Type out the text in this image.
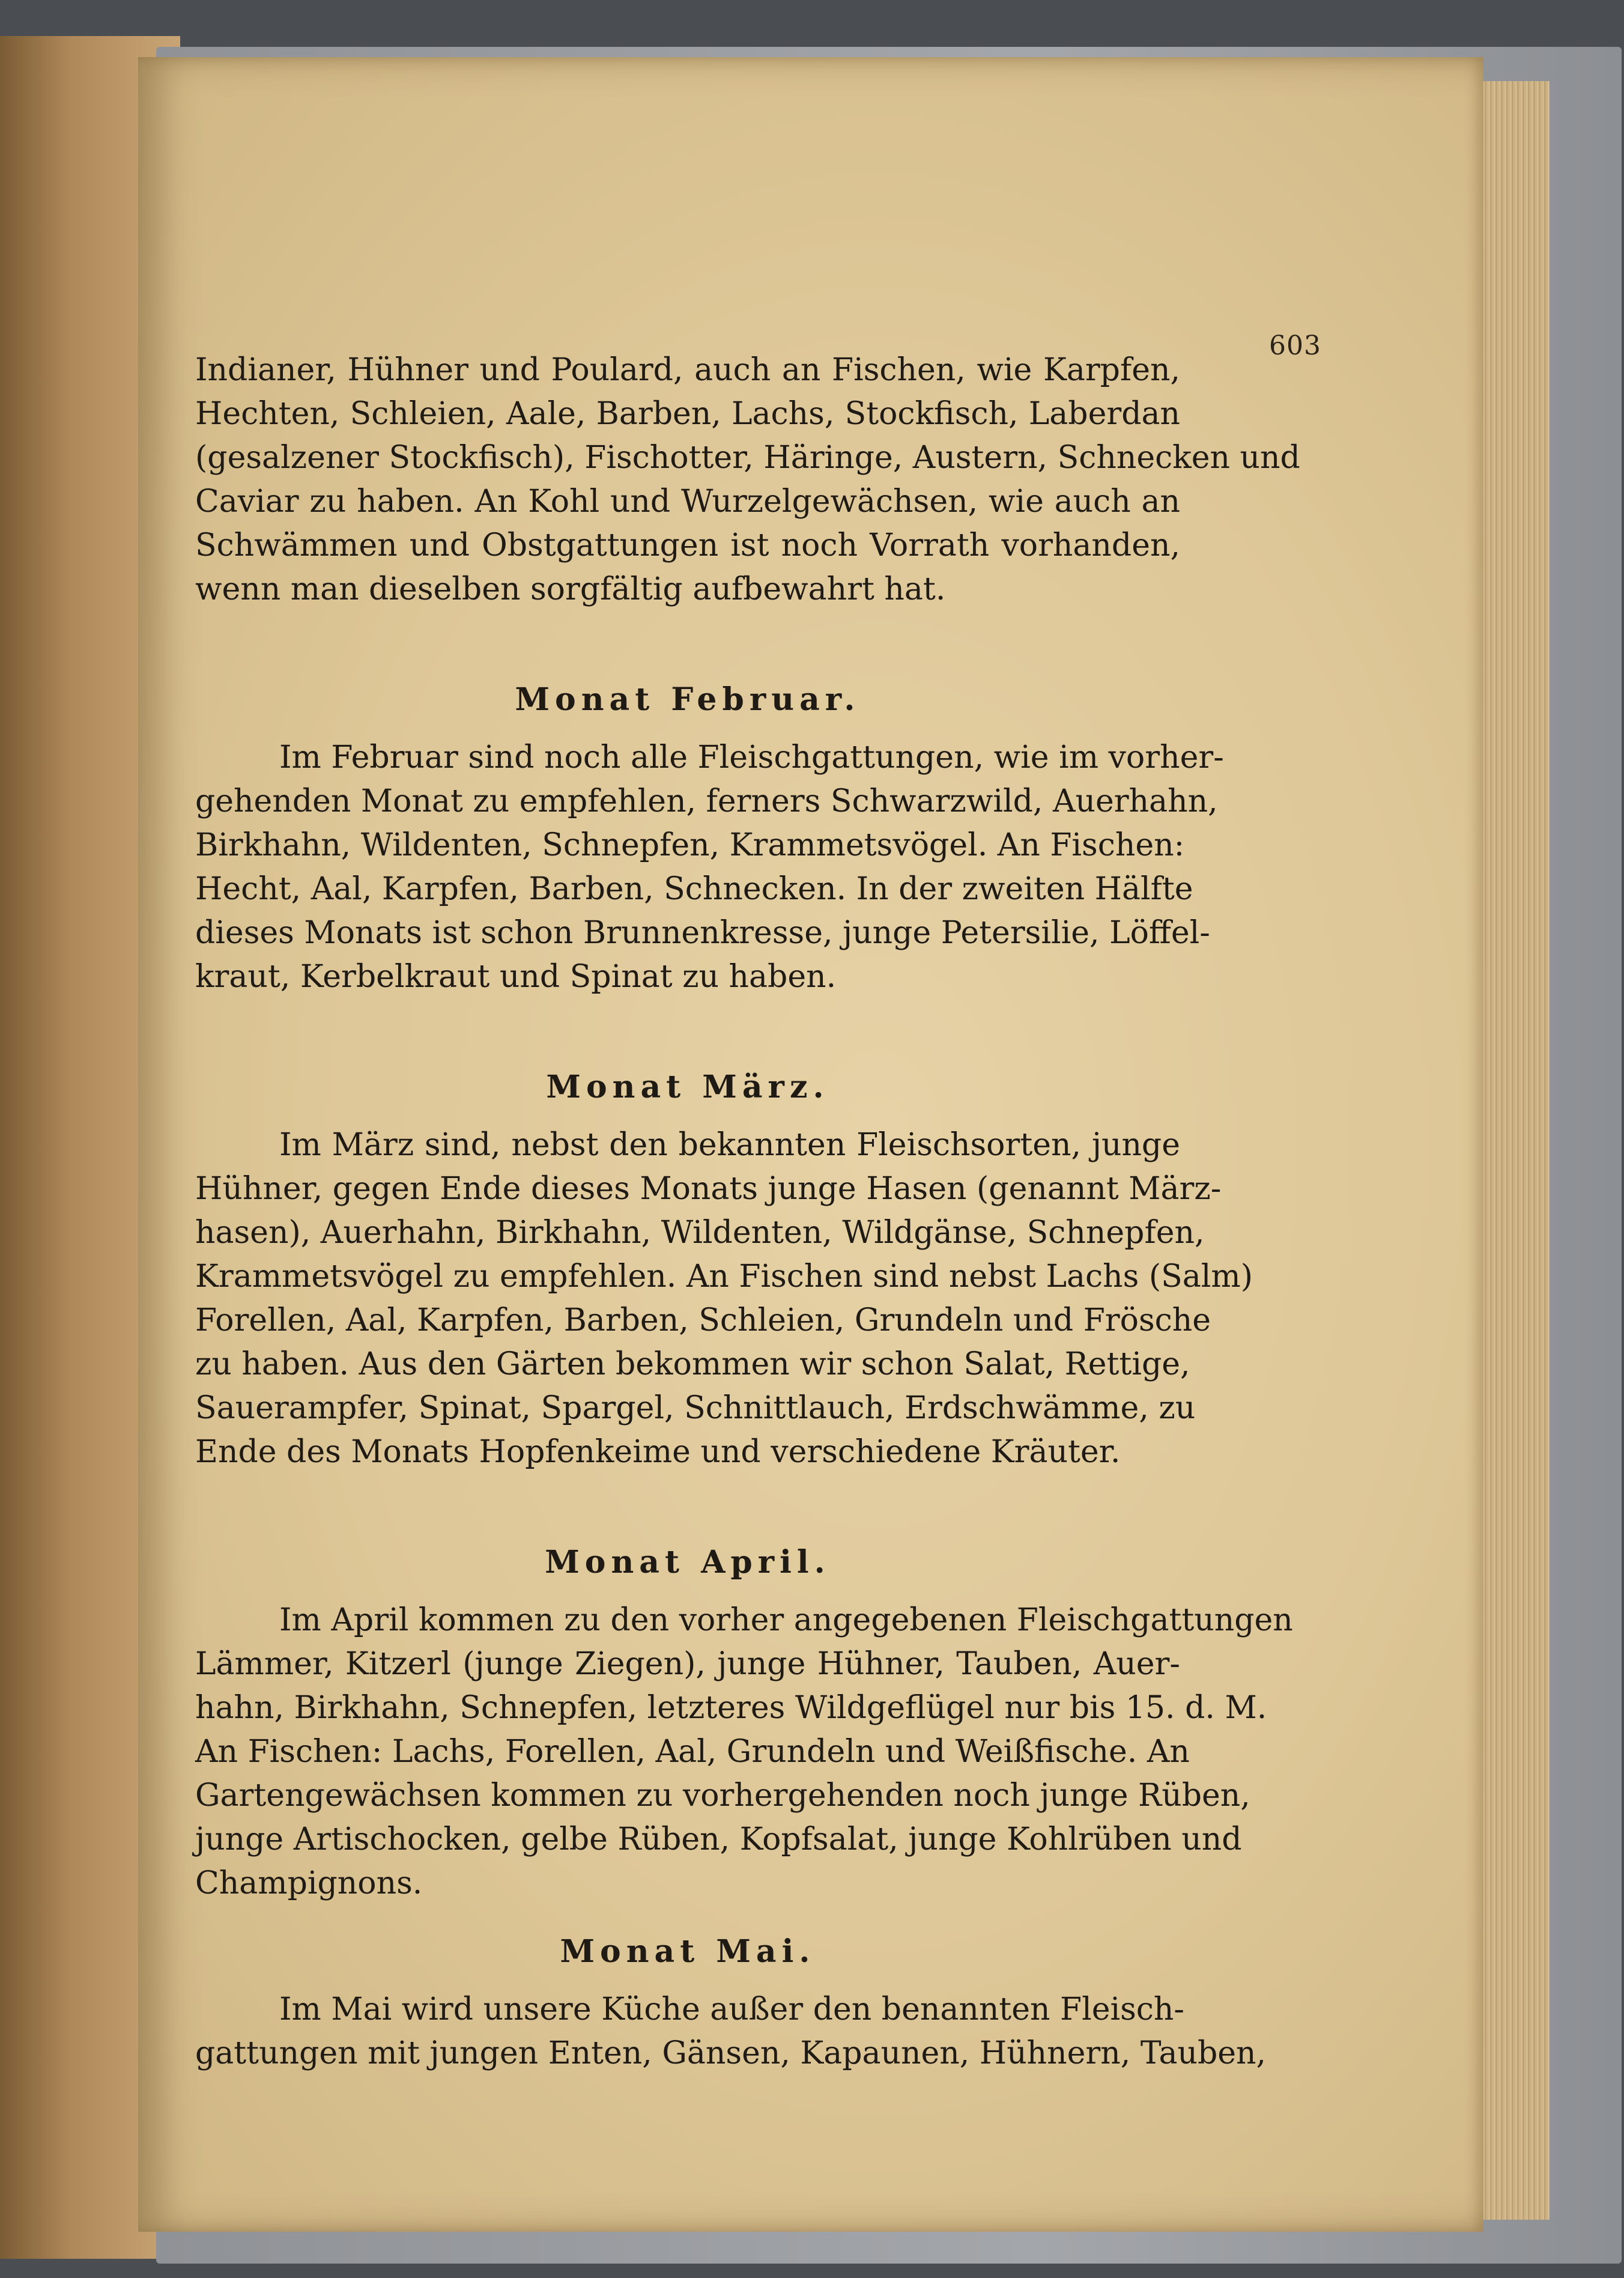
603

Indianer, Hühner und Poulard, auch an Fischen, wie Karpfen,
Hechten, Schleien, Aale, Barben, Lachs, Stockfisch, Laberdan
(gesalzener Stockfisch), Fischotter, Häringe, Austern, Schnecken und
Caviar zu haben. An Kohl und Wurzelgewächsen, wie auch an
Schwämmen und Obstgattungen ist noch Vorrath vorhanden,
wenn man dieselben sorgfältig aufbewahrt hat.

Monat Februar.

Im Februar sind noch alle Fleischgattungen, wie im vorher-
gehenden Monat zu empfehlen, ferners Schwarzwild, Auerhahn,
Birkhahn, Wildenten, Schnepfen, Krammetsvögel. An Fischen:
Hecht, Aal, Karpfen, Barben, Schnecken. In der zweiten Hälfte
dieses Monats ist schon Brunnenkresse, junge Petersilie, Löffel-
kraut, Kerbelkraut und Spinat zu haben.

Monat März.

Im März sind, nebst den bekannten Fleischsorten, junge
Hühner, gegen Ende dieses Monats junge Hasen (genannt März-
hasen), Auerhahn, Birkhahn, Wildenten, Wildgänse, Schnepfen,
Krammetsvögel zu empfehlen. An Fischen sind nebst Lachs (Salm)
Forellen, Aal, Karpfen, Barben, Schleien, Grundeln und Frösche
zu haben. Aus den Gärten bekommen wir schon Salat, Rettige,
Sauerampfer, Spinat, Spargel, Schnittlauch, Erdschwämme, zu
Ende des Monats Hopfenkeime und verschiedene Kräuter.

Monat April.

Im April kommen zu den vorher angegebenen Fleischgattungen
Lämmer, Kitzerl (junge Ziegen), junge Hühner, Tauben, Auer-
hahn, Birkhahn, Schnepfen, letzteres Wildgeflügel nur bis 15. d. M.
An Fischen: Lachs, Forellen, Aal, Grundeln und Weißfische. An
Gartengewächsen kommen zu vorhergehenden noch junge Rüben,
junge Artischocken, gelbe Rüben, Kopfsalat, junge Kohlrüben und
Champignons.

Monat Mai.

Im Mai wird unsere Küche außer den benannten Fleisch-
gattungen mit jungen Enten, Gänsen, Kapaunen, Hühnern, Tauben,
